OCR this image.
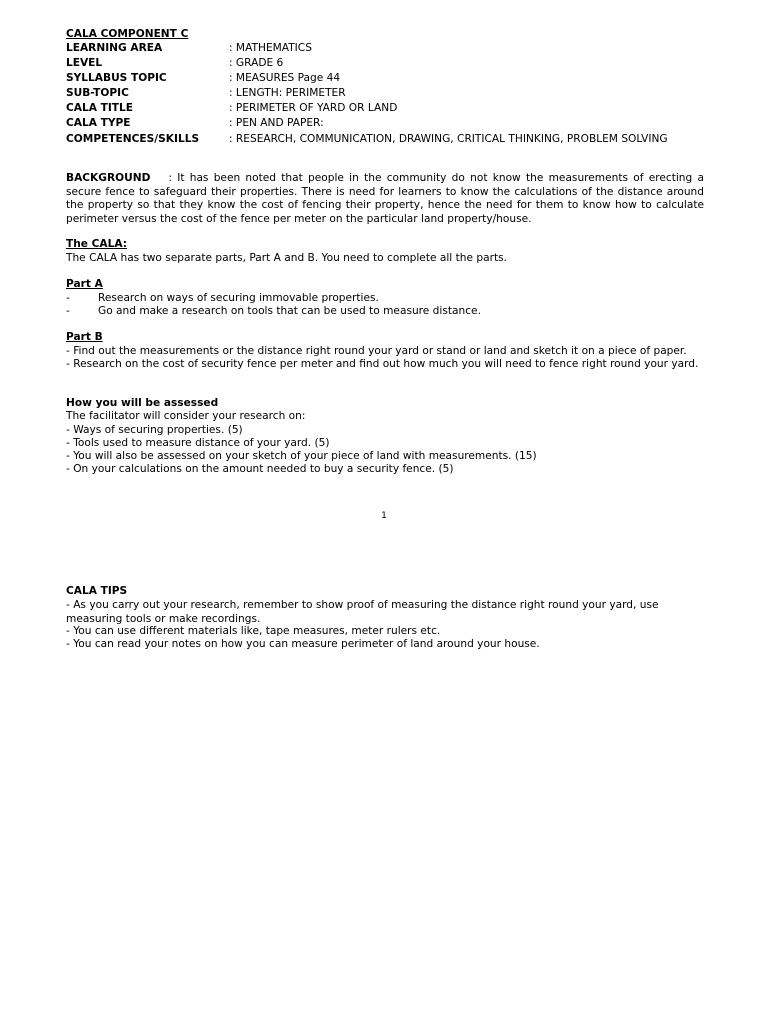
CALA COMPONENT C
LEARNING AREA	: MATHEMATICS
LEVEL	: GRADE 6
SYLLABUS TOPIC	: MEASURES Page 44
SUB-TOPIC	: LENGTH: PERIMETER
CALA TITLE	: PERIMETER OF YARD OR LAND
CALA TYPE	: PEN AND PAPER:
COMPETENCES/SKILLS	: RESEARCH, COMMUNICATION, DRAWING, CRITICAL THINKING, PROBLEM SOLVING
BACKGROUND : It has been noted that people in the community do not know the measurements of erecting a secure fence to safeguard their properties. There is need for learners to know the calculations of the distance around the property so that they know the cost of fencing their property, hence the need for them to know how to calculate perimeter versus the cost of the fence per meter on the particular land property/house.
The CALA:
The CALA has two separate parts, Part A and B. You need to complete all the parts.
Part A
-	Research on ways of securing immovable properties.
-	Go and make a research on tools that can be used to measure distance.
Part B
- Find out the measurements or the distance right round your yard or stand or land and sketch it on a piece of paper.
- Research on the cost of security fence per meter and find out how much you will need to fence right round your yard.
How you will be assessed
The facilitator will consider your research on:
- Ways of securing properties. (5)
- Tools used to measure distance of your yard. (5)
- You will also be assessed on your sketch of your piece of land with measurements. (15)
- On your calculations on the amount needed to buy a security fence. (5)
1
CALA TIPS
- As you carry out your research, remember to show proof of measuring the distance right round your yard, use measuring tools or make recordings.
- You can use different materials like, tape measures, meter rulers etc.
- You can read your notes on how you can measure perimeter of land around your house.
